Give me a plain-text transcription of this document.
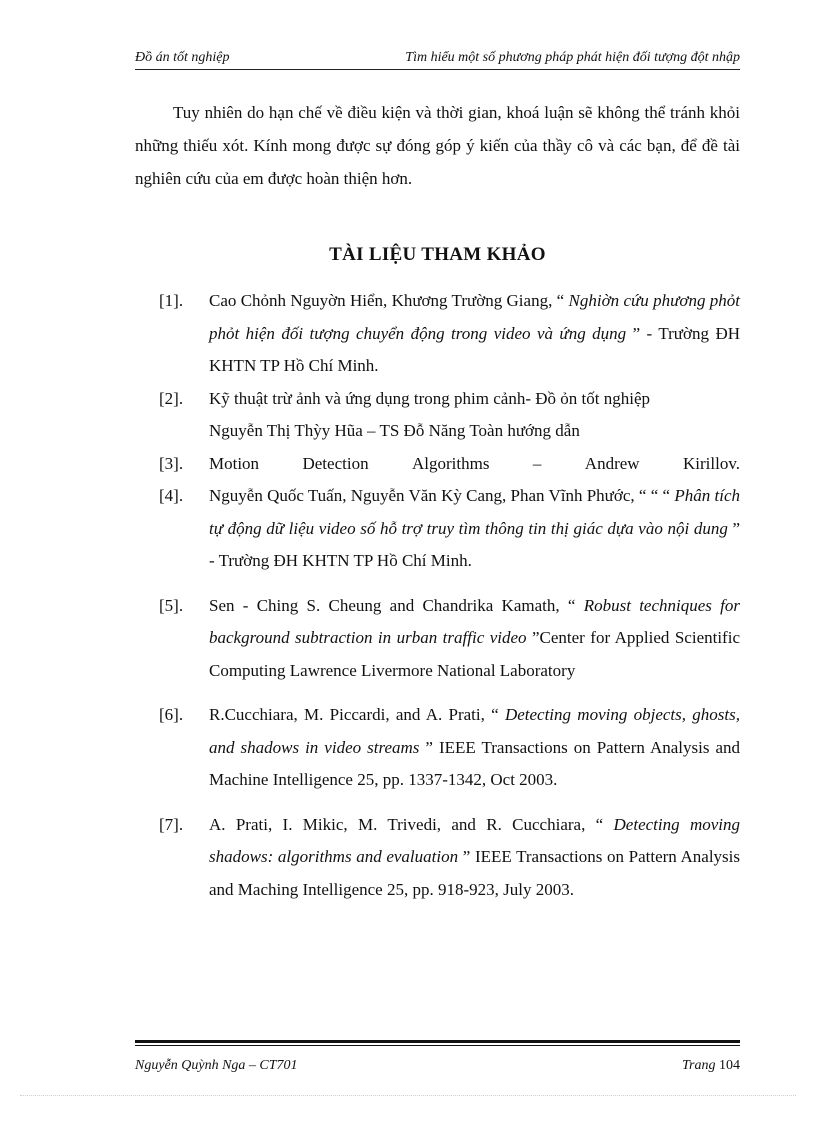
Đồ án tốt nghiệp	Tìm hiểu một số phương pháp phát hiện đối tượng đột nhập
Tuy nhiên do hạn chế về điều kiện và thời gian, khoá luận sẽ không thể tránh khỏi những thiếu xót. Kính mong được sự đóng góp ý kiến của thầy cô và các bạn, để đề tài nghiên cứu của em được hoàn thiện hơn.
TÀI LIỆU THAM KHẢO
[1]. Cao Chỏnh Nguyờn Hiển, Khương Trường Giang, “ Nghiờn cứu phương phỏt phỏt hiện đối tượng chuyển động trong video và ứng dụng ” - Trường ĐH KHTN TP Hồ Chí Minh.
[2]. Kỹ thuật trừ ảnh và ứng dụng trong phim cảnh- Đồ ỏn tốt nghiệp
Nguyễn Thị Thỳy Hũa – TS Đỗ Năng Toàn hướng dẫn
[3]. Motion	Detection	Algorithms	–	Andrew	Kirillov.
[4]. Nguyễn Quốc Tuấn, Nguyễn Văn Kỳ Cang, Phan Vĩnh Phước, “ “ “ Phân tích tự động dữ liệu video số hỗ trợ truy tìm thông tin thị giác dựa vào nội dung ” - Trường ĐH KHTN TP Hồ Chí Minh.
[5]. Sen - Ching S. Cheung and Chandrika Kamath, “ Robust techniques for background subtraction in urban traffic video ”Center for Applied Scientific Computing Lawrence Livermore National Laboratory
[6]. R.Cucchiara, M. Piccardi, and A. Prati, “ Detecting moving objects, ghosts, and shadows in video streams ” IEEE Transactions on Pattern Analysis and Machine Intelligence 25, pp. 1337-1342, Oct 2003.
[7]. A. Prati, I. Mikic, M. Trivedi, and R. Cucchiara, “ Detecting moving shadows: algorithms and evaluation ” IEEE Transactions on Pattern Analysis and Maching Intelligence 25, pp. 918-923, July 2003.
Nguyễn Quỳnh Nga – CT701	Trang 104
